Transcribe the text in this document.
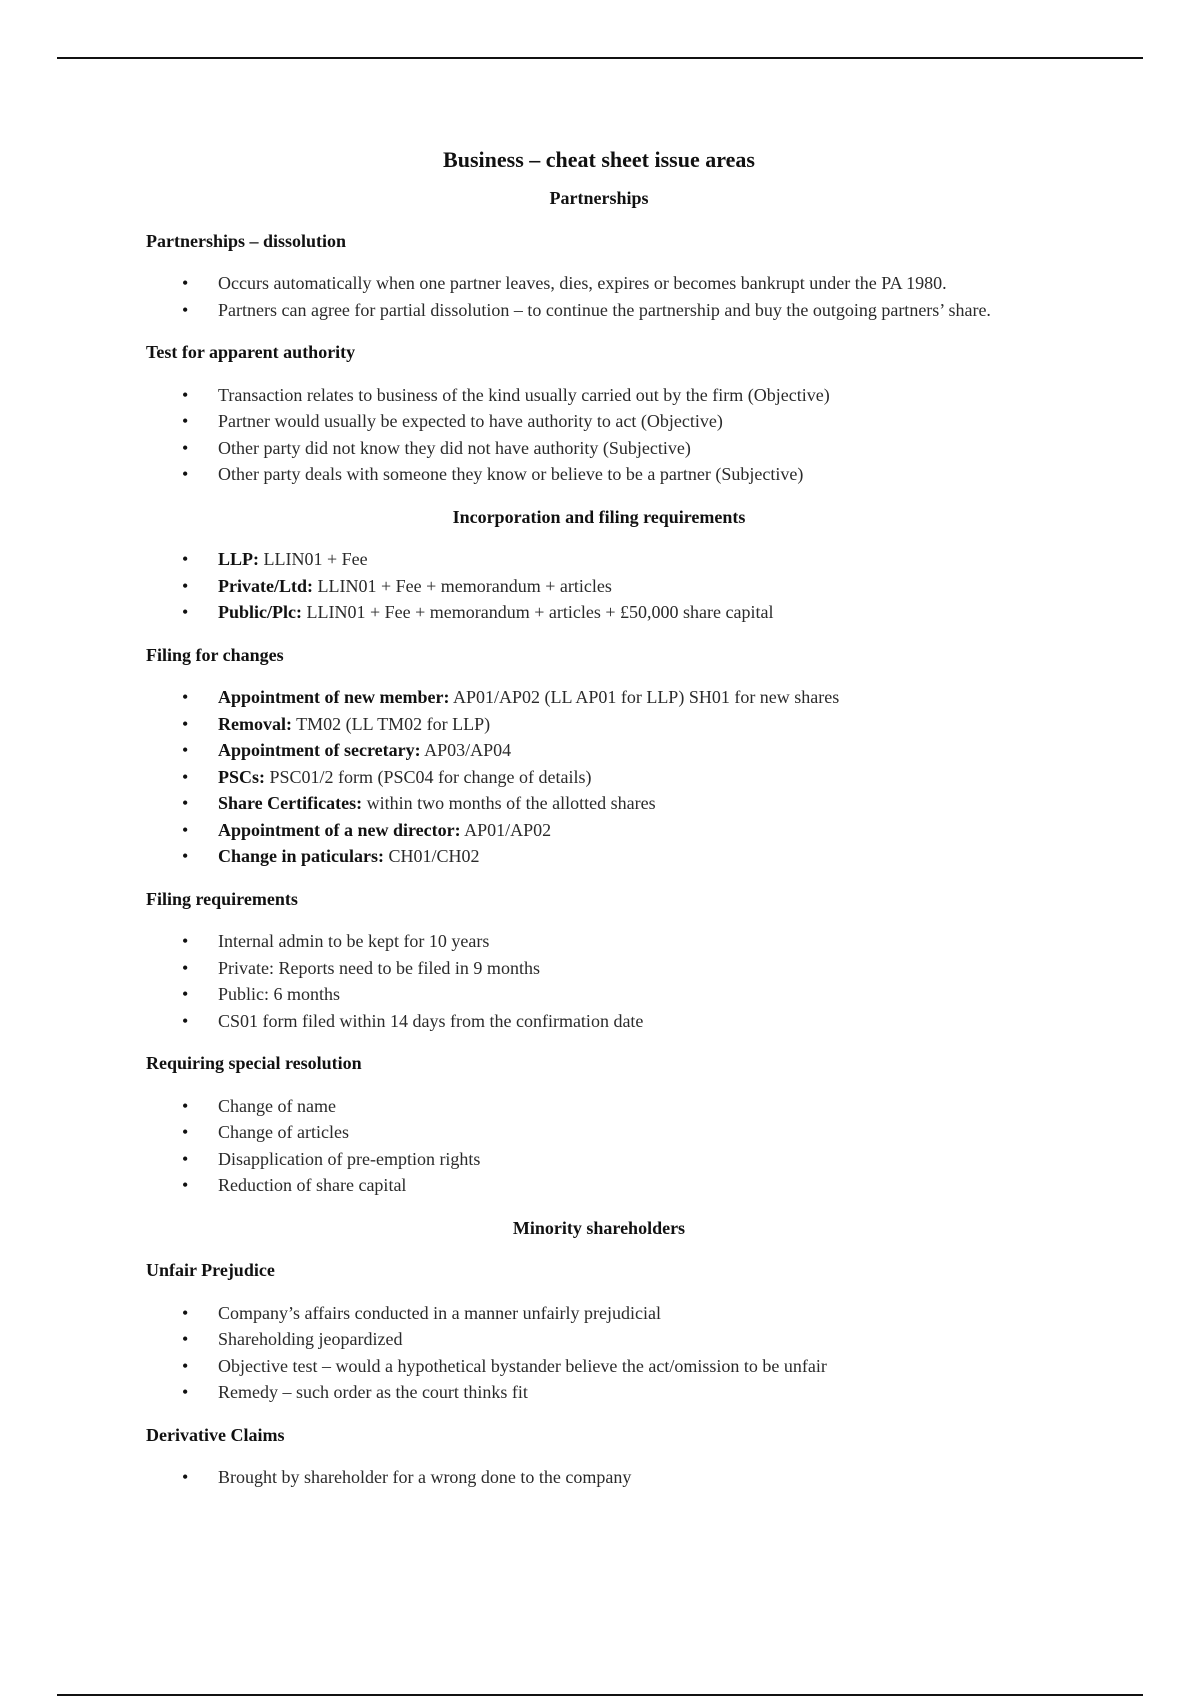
Business – cheat sheet issue areas
Partnerships
Partnerships – dissolution
• Occurs automatically when one partner leaves, dies, expires or becomes bankrupt under the PA 1980.
• Partners can agree for partial dissolution – to continue the partnership and buy the outgoing partners’ share.
Test for apparent authority
• Transaction relates to business of the kind usually carried out by the firm (Objective)
• Partner would usually be expected to have authority to act (Objective)
• Other party did not know they did not have authority (Subjective)
• Other party deals with someone they know or believe to be a partner (Subjective)
Incorporation and filing requirements
• LLP: LLIN01 + Fee
• Private/Ltd: LLIN01 + Fee + memorandum + articles
• Public/Plc: LLIN01 + Fee + memorandum + articles + £50,000 share capital
Filing for changes
• Appointment of new member: AP01/AP02 (LL AP01 for LLP) SH01 for new shares
• Removal: TM02 (LL TM02 for LLP)
• Appointment of secretary: AP03/AP04
• PSCs: PSC01/2 form (PSC04 for change of details)
• Share Certificates: within two months of the allotted shares
• Appointment of a new director: AP01/AP02
• Change in paticulars: CH01/CH02
Filing requirements
• Internal admin to be kept for 10 years
• Private: Reports need to be filed in 9 months
• Public: 6 months
• CS01 form filed within 14 days from the confirmation date
Requiring special resolution
• Change of name
• Change of articles
• Disapplication of pre-emption rights
• Reduction of share capital
Minority shareholders
Unfair Prejudice
• Company’s affairs conducted in a manner unfairly prejudicial
• Shareholding jeopardized
• Objective test – would a hypothetical bystander believe the act/omission to be unfair
• Remedy – such order as the court thinks fit
Derivative Claims
• Brought by shareholder for a wrong done to the company
